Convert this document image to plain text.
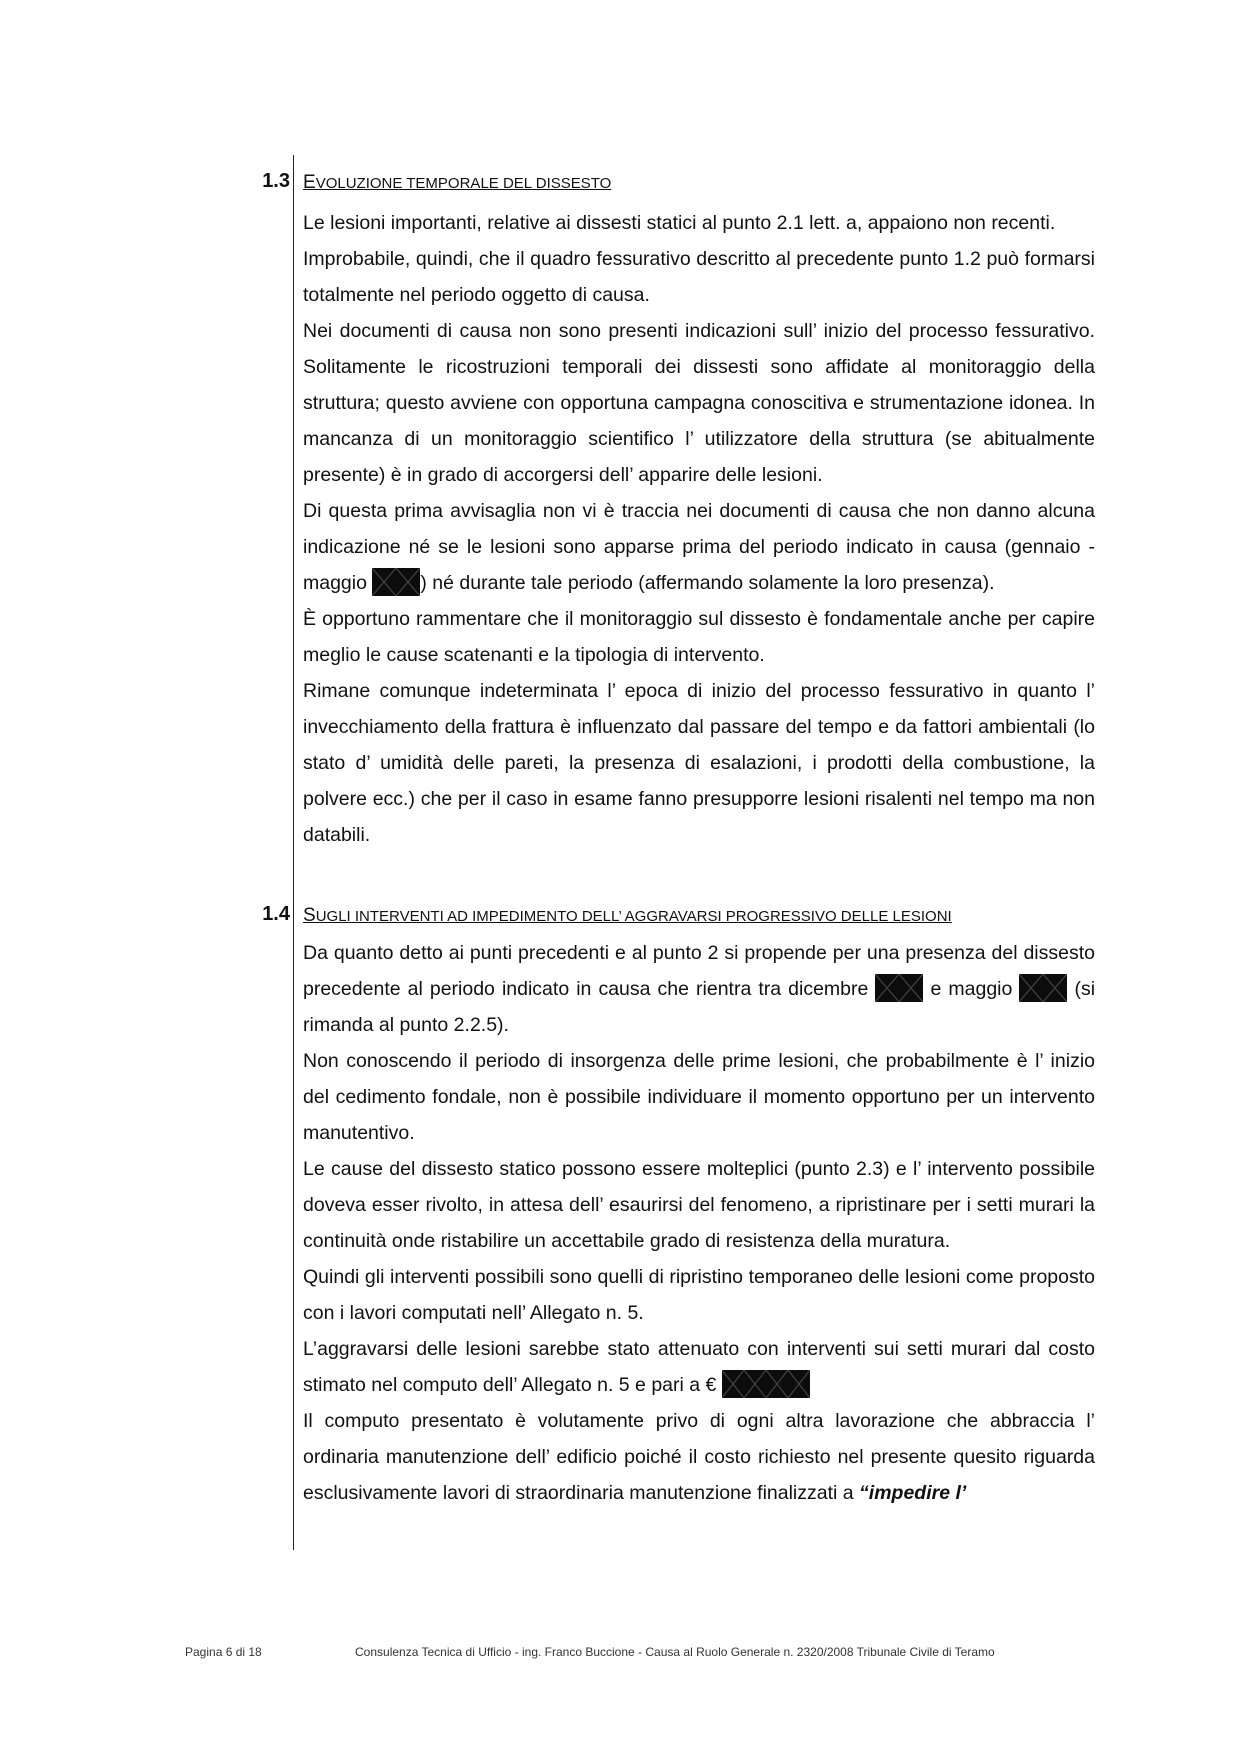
1.3 EVOLUZIONE TEMPORALE DEL DISSESTO

Le lesioni importanti, relative ai dissesti statici al punto 2.1 lett. a, appaiono non recenti.

Improbabile, quindi, che il quadro fessurativo descritto al precedente punto 1.2 può formarsi totalmente nel periodo oggetto di causa.

Nei documenti di causa non sono presenti indicazioni sull’ inizio del processo fessurativo. Solitamente le ricostruzioni temporali dei dissesti sono affidate al monitoraggio della struttura; questo avviene con opportuna campagna conoscitiva e strumentazione idonea. In mancanza di un monitoraggio scientifico l’ utilizzatore della struttura (se abitualmente presente) è in grado di accorgersi dell’ apparire delle lesioni.

Di questa prima avvisaglia non vi è traccia nei documenti di causa che non danno alcuna indicazione né se le lesioni sono apparse prima del periodo indicato in causa (gennaio - maggio	) né durante tale periodo (affermando solamente la loro presenza).

È opportuno rammentare che il monitoraggio sul dissesto è fondamentale anche per capire meglio le cause scatenanti e la tipologia di intervento.

Rimane comunque indeterminata l’ epoca di inizio del processo fessurativo in quanto l’ invecchiamento della frattura è influenzato dal passare del tempo e da fattori ambientali (lo stato d’ umidità delle pareti, la presenza di esalazioni, i prodotti della combustione, la polvere ecc.) che per il caso in esame fanno presupporre lesioni risalenti nel tempo ma non databili.

1.4 SUGLI INTERVENTI AD IMPEDIMENTO DELL’ AGGRAVARSI PROGRESSIVO DELLE LESIONI

Da quanto detto ai punti precedenti e al punto 2 si propende per una presenza del dissesto precedente al periodo indicato in causa che rientra tra dicembre	e maggio	(si rimanda al punto 2.2.5).

Non conoscendo il periodo di insorgenza delle prime lesioni, che probabilmente è l’ inizio del cedimento fondale, non è possibile individuare il momento opportuno per un intervento manutentivo.

Le cause del dissesto statico possono essere molteplici (punto 2.3) e l’ intervento possibile doveva esser rivolto, in attesa dell’ esaurirsi del fenomeno, a ripristinare per i setti murari la continuità onde ristabilire un accettabile grado di resistenza della muratura.

Quindi gli interventi possibili sono quelli di ripristino temporaneo delle lesioni come proposto con i lavori computati nell’ Allegato n. 5.

L’aggravarsi delle lesioni sarebbe stato attenuato con interventi sui setti murari dal costo stimato nel computo dell’ Allegato n. 5 e pari a €

Il computo presentato è volutamente privo di ogni altra lavorazione che abbraccia l’ ordinaria manutenzione dell’ edificio poiché il costo richiesto nel presente quesito riguarda esclusivamente lavori di straordinaria manutenzione finalizzati a “impedire l’

Pagina 6 di 18	Consulenza Tecnica di Ufficio - ing. Franco Buccione - Causa al Ruolo Generale n. 2320/2008 Tribunale Civile di Teramo
